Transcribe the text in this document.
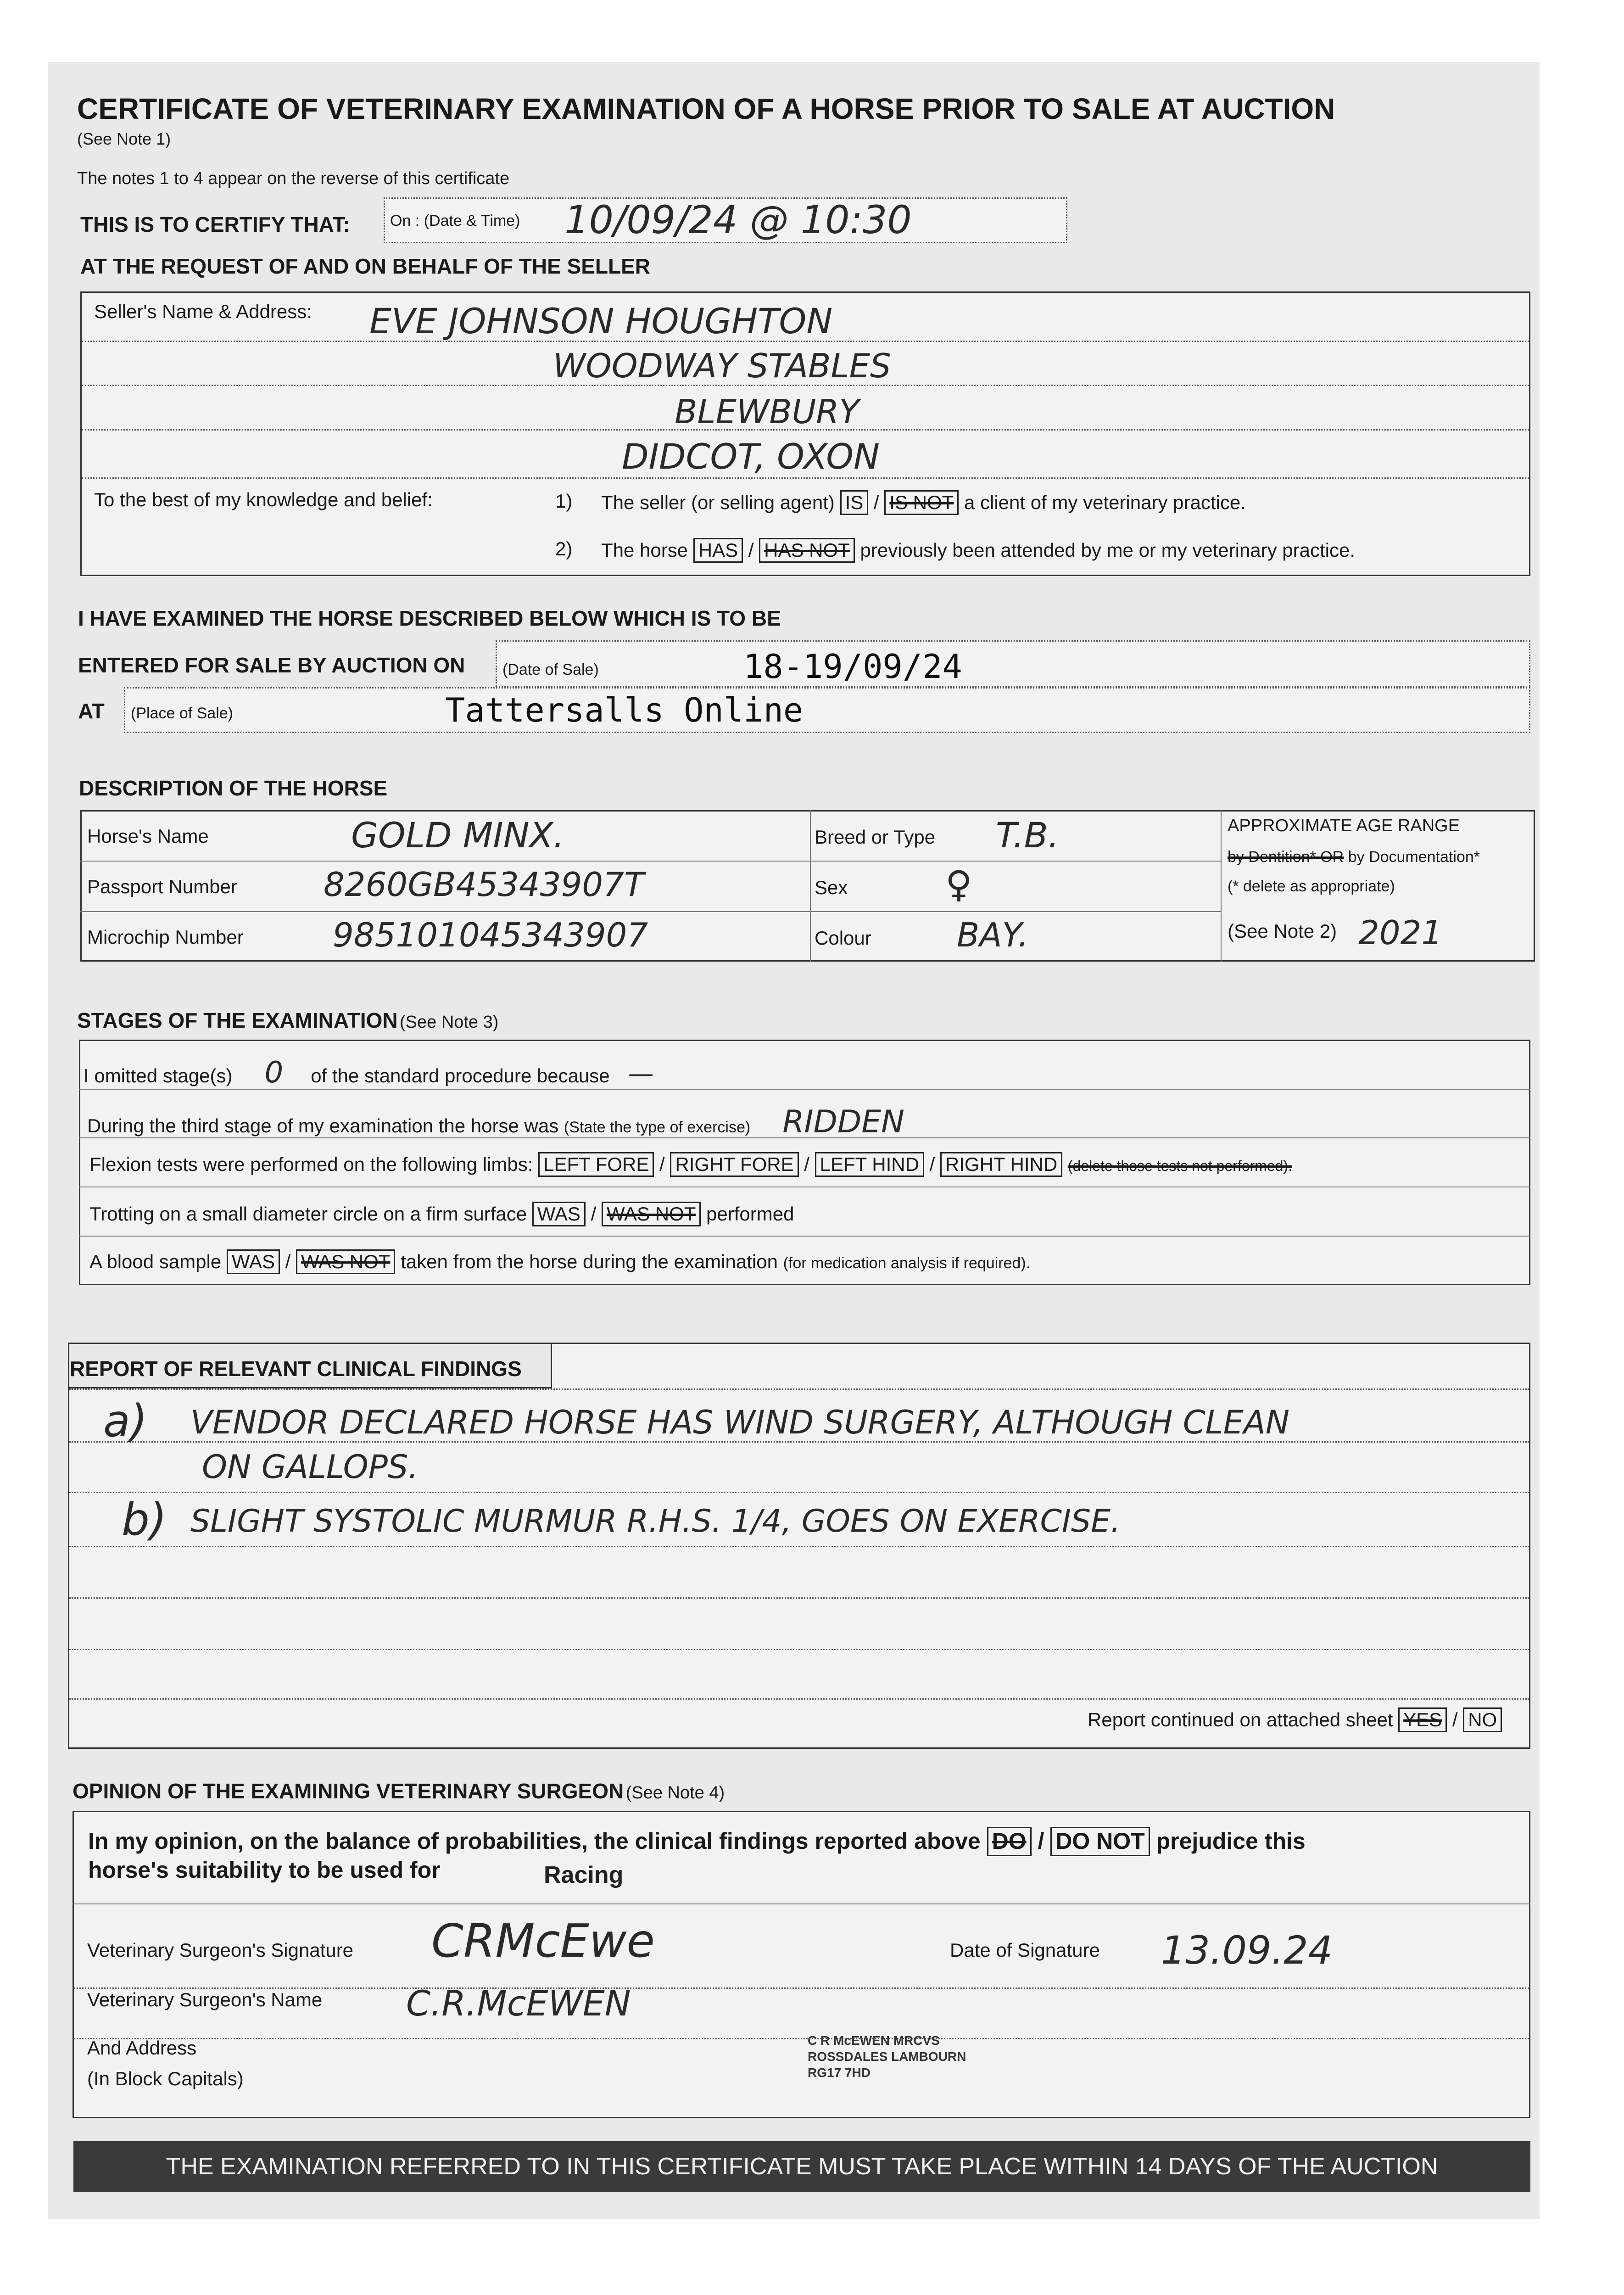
CERTIFICATE OF VETERINARY EXAMINATION OF A HORSE PRIOR TO SALE AT AUCTION
(See Note 1)
The notes 1 to 4 appear on the reverse of this certificate
THIS IS TO CERTIFY THAT:	On : (Date & Time) 10/09/24 @ 10:30
AT THE REQUEST OF AND ON BEHALF OF THE SELLER
Seller's Name & Address: EVE JOHNSON HOUGHTON
WOODWAY STABLES
BLEWBURY
DIDCOT, OXON
To the best of my knowledge and belief:	1) The seller (or selling agent) IS / IS NOT a client of my veterinary practice.
2) The horse HAS / HAS NOT previously been attended by me or my veterinary practice.
I HAVE EXAMINED THE HORSE DESCRIBED BELOW WHICH IS TO BE
ENTERED FOR SALE BY AUCTION ON (Date of Sale)	18-19/09/24
AT (Place of Sale)	Tattersalls Online
DESCRIPTION OF THE HORSE
Horse's Name	GOLD MINX.
Passport Number	8260GB45343907T
Microchip Number	985101045343907
Breed or Type T.B.
Sex	♀
Colour	BAY.
APPROXIMATE AGE RANGE
by Dentition* OR by Documentation*
(* delete as appropriate)
(See Note 2) 2021
STAGES OF THE EXAMINATION (See Note 3)
I omitted stage(s) 0 of the standard procedure because —
During the third stage of my examination the horse was (State the type of exercise) RIDDEN
Flexion tests were performed on the following limbs: LEFT FORE / RIGHT FORE / LEFT HIND / RIGHT HIND (delete those tests not performed).
Trotting on a small diameter circle on a firm surface WAS / WAS NOT performed
A blood sample WAS / WAS NOT taken from the horse during the examination (for medication analysis if required).
REPORT OF RELEVANT CLINICAL FINDINGS
a) VENDOR DECLARED HORSE HAS WIND SURGERY, ALTHOUGH CLEAN
ON GALLOPS.
b) SLIGHT SYSTOLIC MURMUR R.H.S. 1/4, GOES ON EXERCISE.
Report continued on attached sheet YES / NO
OPINION OF THE EXAMINING VETERINARY SURGEON (See Note 4)
In my opinion, on the balance of probabilities, the clinical findings reported above DO / DO NOT prejudice this
horse's suitability to be used for	Racing
Veterinary Surgeon's Signature CRMcEwe	Date of Signature 13.09.24
Veterinary Surgeon's Name C.R.McEWEN
And Address
(In Block Capitals)
C R McEWEN MRCVS
ROSSDALES LAMBOURN
RG17 7HD
THE EXAMINATION REFERRED TO IN THIS CERTIFICATE MUST TAKE PLACE WITHIN 14 DAYS OF THE AUCTION
